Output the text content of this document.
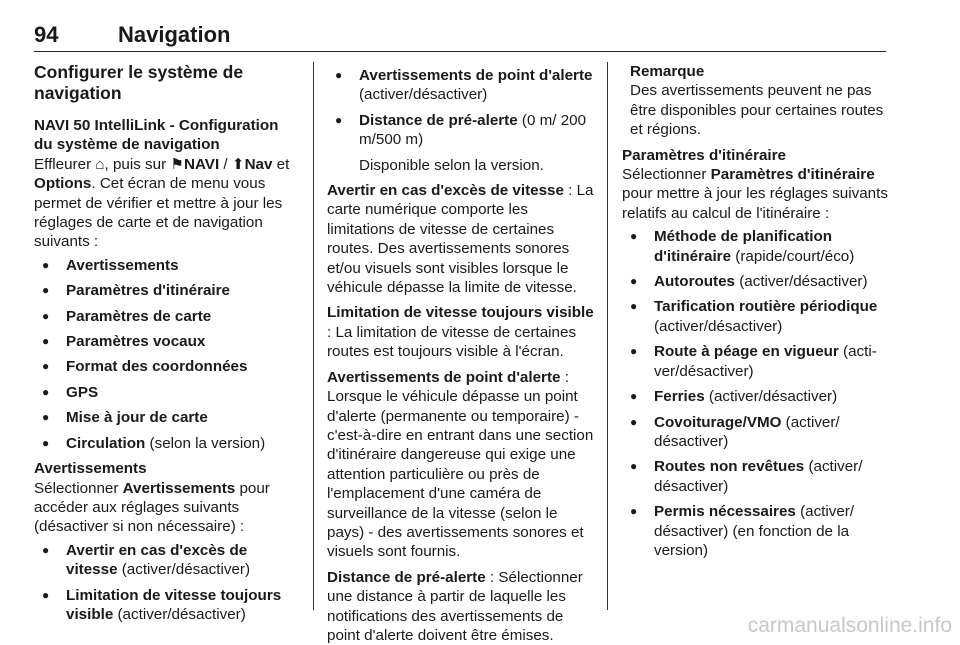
94	Navigation
Configurer le système de navigation

NAVI 50 IntelliLink - Configuration du système de navigation

Effleurer ⌂, puis sur ⚑NAVI / ⬆Nav et Options. Cet écran de menu vous permet de vérifier et mettre à jour les réglages de carte et de navigation suivants :

● Avertissements
● Paramètres d'itinéraire
● Paramètres de carte
● Paramètres vocaux
● Format des coordonnées
● GPS
● Mise à jour de carte
● Circulation (selon la version)

Avertissements

Sélectionner Avertissements pour accéder aux réglages suivants (désactiver si non nécessaire) :

● Avertir en cas d'excès de vitesse (activer/désactiver)
● Limitation de vitesse toujours visible (activer/désactiver)
● Avertissements de point d'alerte (activer/désactiver)
● Distance de pré-alerte (0 m/ 200 m/500 m)

Disponible selon la version.

Avertir en cas d'excès de vitesse : La carte numérique comporte les limitations de vitesse de certaines routes. Des avertissements sonores et/ou visuels sont visibles lorsque le véhicule dépasse la limite de vitesse.

Limitation de vitesse toujours visible : La limitation de vitesse de certaines routes est toujours visible à l'écran.

Avertissements de point d'alerte : Lorsque le véhicule dépasse un point d'alerte (permanente ou temporaire) - c'est-à-dire en entrant dans une section d'itinéraire dangereuse qui exige une attention particulière ou près de l'emplacement d'une caméra de surveillance de la vitesse (selon le pays) - des avertissements sonores et visuels sont fournis.

Distance de pré-alerte : Sélectionner une distance à partir de laquelle les notifications des avertissements de point d'alerte doivent être émises.

Remarque

Des avertissements peuvent ne pas être disponibles pour certaines routes et régions.

Paramètres d'itinéraire

Sélectionner Paramètres d'itinéraire pour mettre à jour les réglages suivants relatifs au calcul de l'itinéraire :

● Méthode de planification d'itinéraire (rapide/court/éco)
● Autoroutes (activer/désactiver)
● Tarification routière périodique (activer/désactiver)
● Route à péage en vigueur (acti- ver/désactiver)
● Ferries (activer/désactiver)
● Covoiturage/VMO (activer/ désactiver)
● Routes non revêtues (activer/ désactiver)
● Permis nécessaires (activer/ désactiver) (en fonction de la version)
carmanualsonline.info
